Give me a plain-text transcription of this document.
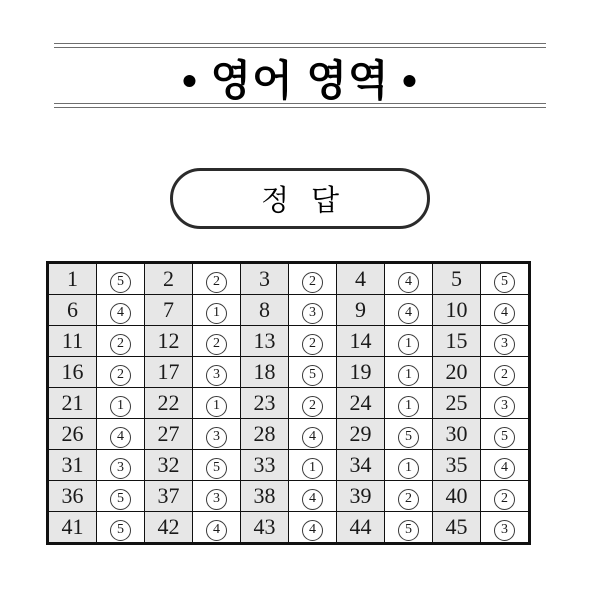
• 영어 영역 •
정 답
1	5	2	2	3	2	4	4	5	5
6	4	7	1	8	3	9	4	10	4
11	2	12	2	13	2	14	1	15	3
16	2	17	3	18	5	19	1	20	2
21	1	22	1	23	2	24	1	25	3
26	4	27	3	28	4	29	5	30	5
31	3	32	5	33	1	34	1	35	4
36	5	37	3	38	4	39	2	40	2
41	5	42	4	43	4	44	5	45	3
